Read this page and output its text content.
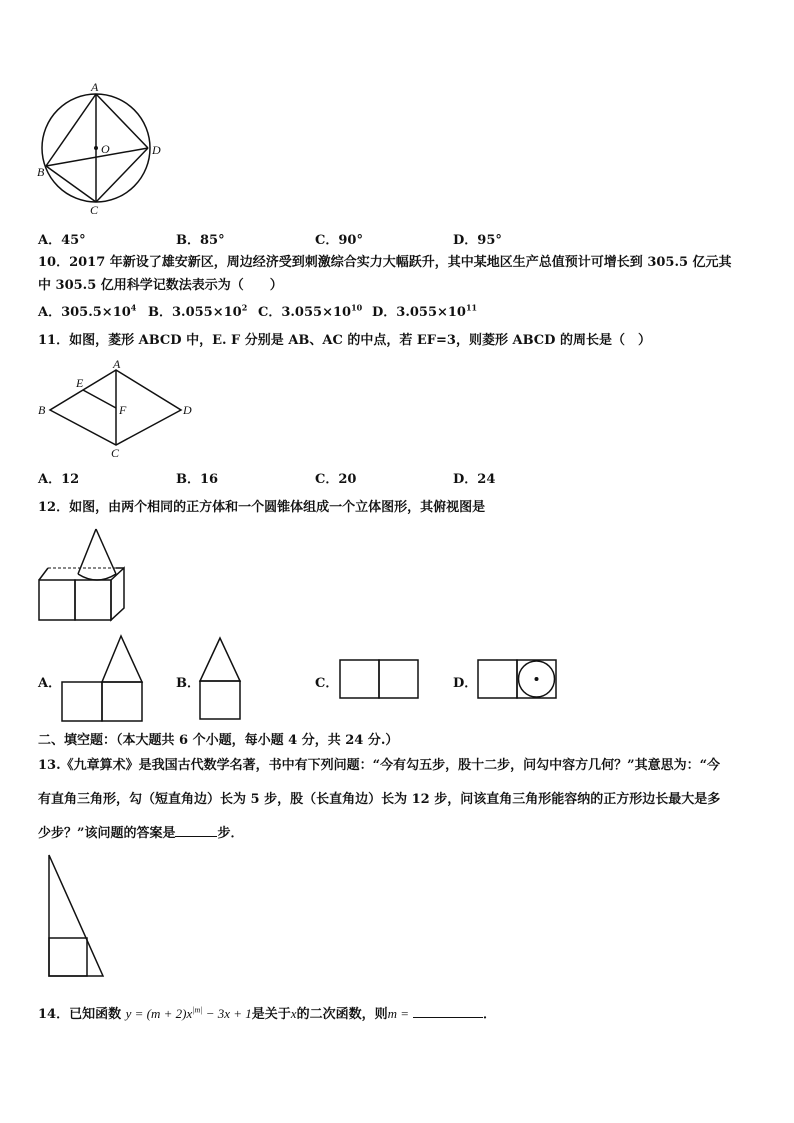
A
B
C
D
O
A．45°	B．85°	C．90°	D．95°
10．2017 年新设了雄安新区，周边经济受到刺激综合实力大幅跃升，其中某地区生产总值预计可增长到 305.5 亿元其
中 305.5 亿用科学记数法表示为（　　）
A．$305.5\times 10^4$ B．$3.055\times 10^2$ C．$3.055\times 10^{10}$ D．$3.055\times 10^{11}$
11．如图，菱形 ABCD 中，E. F 分别是 AB、AC 的中点，若 EF=3，则菱形 ABCD 的周长是（　）
A
B
C
D
E
F
A．12	B．16	C．20	D．24
12．如图，由两个相同的正方体和一个圆锥体组成一个立体图形，其俯视图是
A．	B．	C．	D．
二、填空题：（本大题共 6 个小题，每小题 4 分，共 24 分.）
13.《九章算术》是我国古代数学名著，书中有下列问题：“今有勾五步，股十二步，问勾中容方几何？”其意思为：“今
有直角三角形，勾（短直角边）长为 5 步，股（长直角边）长为 12 步，问该直角三角形能容纳的正方形边长最大是多
少步？”该问题的答案是	步．
14．已知函数 $y = (m + 2)x^{|m|} - 3x + 1$是关于x的二次函数，则m =	．
